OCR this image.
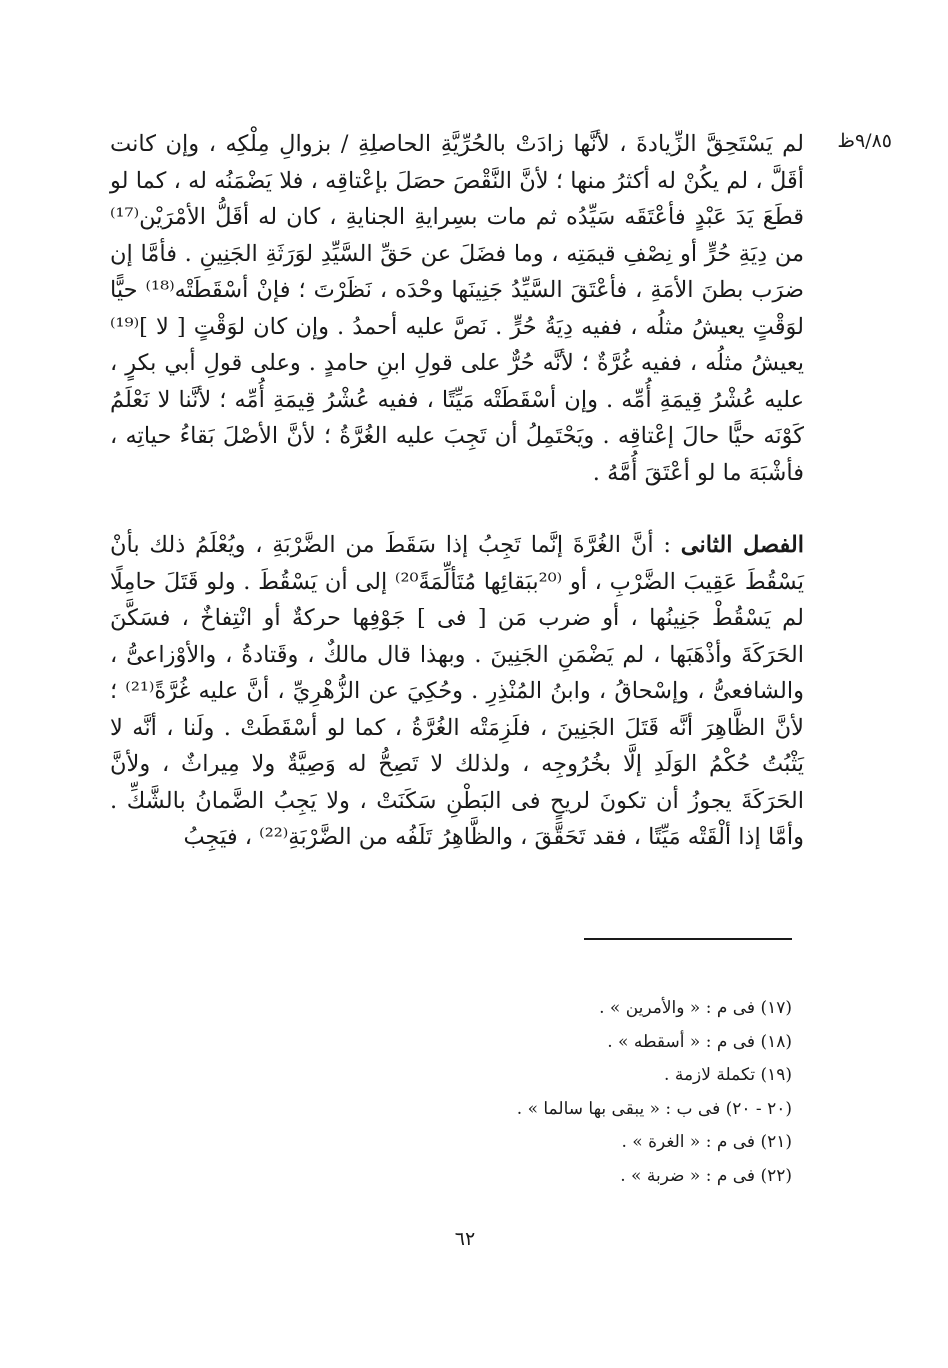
٩/٨٥ظ

لم يَسْتَحِقَّ الزِّيادةَ ، لأنَّها زادَتْ بالحُرِّيَّةِ الحاصلِةِ / بزوالِ مِلْكِه ، وإن كانت أقَلَّ ، لم يكُنْ له أكثرُ منها ؛ لأنَّ النَّقْصَ حصَلَ بإعْتاقِه ، فلا يَضْمَنُه له ، كما لو قطَعَ يَدَ عَبْدٍ فأعْتَقَه سَيِّدُه ثم مات بسِرايةِ الجنايةِ ، كان له أقَلُّ الأمْرَيْن⁽¹⁷⁾ من دِيَةِ حُرٍّ أو نِصْفِ قيمَتِه ، وما فضَلَ عن حَقِّ السَّيِّدِ لوَرَثَةِ الجَنِينِ . فأمَّا إن ضرَب بطنَ الأمَةِ ، فأعْتَقَ السَّيِّدُ جَنِينَها وحْدَه ، نَظَرْتَ ؛ فإنْ أسْقَطَتْه⁽¹⁸⁾ حيًّا لوَقْتٍ يعيشُ مثلُه ، ففيه دِيَةُ حُرٍّ . نَصَّ عليه أحمدُ . وإن كان لوَقْتٍ [ لا ]⁽¹⁹⁾ يعيشُ مثلُه ، ففيه غُرَّةٌ ؛ لأنَّه حُرٌّ على قولِ ابنِ حامدٍ . وعلى قولِ أبي بكرٍ ، عليه عُشْرُ قِيمَةِ أُمِّه . وإن أسْقَطَتْه مَيِّتًا ، ففيه عُشْرُ قِيمَةِ أُمِّه ؛ لأنَّنا لا نَعْلَمُ كَوْنَه حيًّا حالَ إعْتاقِه . ويَحْتَمِلُ أن تَجِبَ عليه الغُرَّةُ ؛ لأنَّ الأصْلَ بَقاءُ حياتِه ، فأشْبَهَ ما لو أعْتَقَ أُمَّهُ .

الفصل الثانى : أنَّ الغُرَّةَ إنَّما تَجِبُ إذا سَقَطَ من الضَّرْبَةِ ، ويُعْلَمُ ذلك بأنْ يَسْقُطَ عَقِيبَ الضَّرْبِ ، أو ⁽²⁰ببَقائِها مُتَألِّمَةً²⁰⁾ إلى أن يَسْقُطَ . ولو قَتَلَ حامِلًا لم يَسْقُطْ جَنِينُها ، أو ضرب مَن [ فى ] جَوْفِها حركةٌ أو انْتِفاخٌ ، فسَكَّنَ الحَرَكَةَ وأذْهَبَها ، لم يَضْمَنِ الجَنِينَ . وبهذا قال مالكٌ ، وقَتادةُ ، والأوْزاعىُّ ، والشافعىُّ ، وإسْحاقُ ، وابنُ المُنْذِرِ . وحُكِيَ عن الزُّهْرِيِّ ، أنَّ عليه غُرَّةً⁽²¹⁾ ؛ لأنَّ الظَّاهِرَ أنَّه قَتَلَ الجَنِينَ ، فلَزِمَتْه الغُرَّةُ ، كما لو أسْقَطَتْ . ولَنا ، أنَّه لا يَثْبُتُ حُكْمُ الوَلَدِ إلَّا بخُرُوجِه ، ولذلك لا تَصِحُّ له وَصِيَّةٌ ولا مِيراثٌ ، ولأنَّ الحَرَكَةَ يجوزُ أن تكونَ لريحٍ فى البَطْنِ سَكَنَتْ ، ولا يَجِبُ الضَّمانُ بالشَّكِّ . وأمَّا إذا ألْقَتْه مَيِّتًا ، فقد تَحَقَّقَ ، والظَّاهِرُ تَلَفُه من الضَّرْبَةِ⁽²²⁾ ، فيَجِبُ

(١٧) فى م : « والأمرين » .
(١٨) فى م : « أسقطه » .
(١٩) تكملة لازمة .
(٢٠ - ٢٠) فى ب : « يبقى بها سالما » .
(٢١) فى م : « الغرة » .
(٢٢) فى م : « ضربة » .
٦٢
